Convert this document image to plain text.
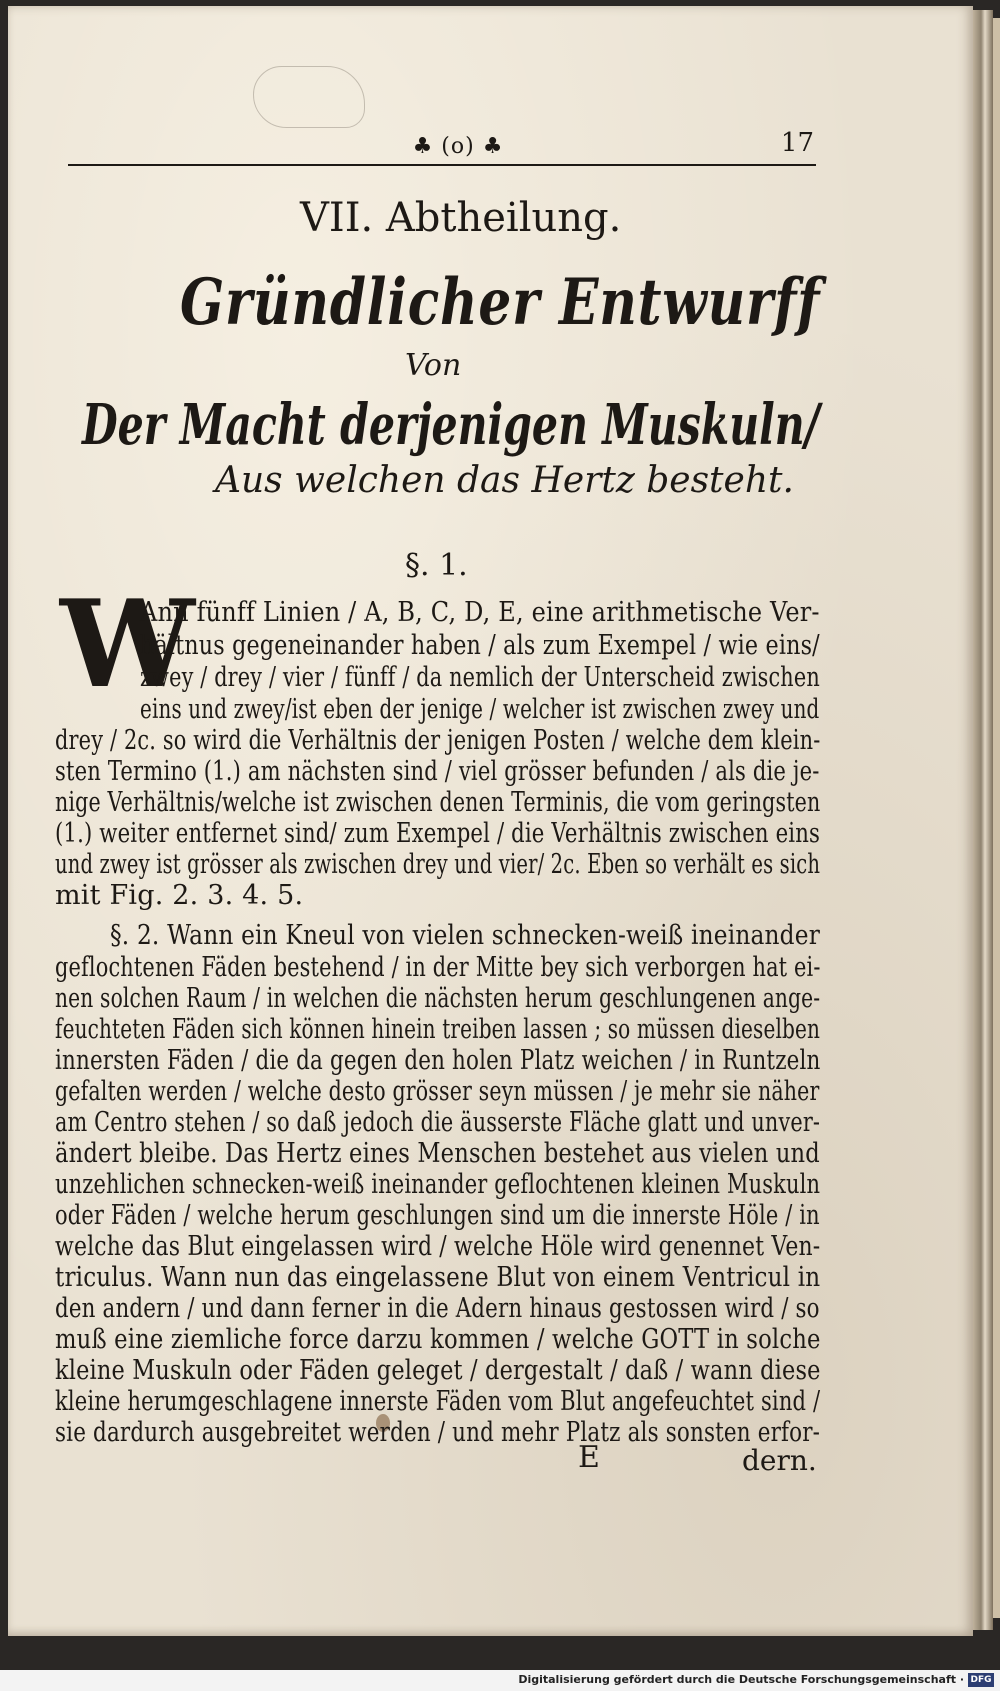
♣ (o) ♣	17
VII. Abtheilung.
Gründlicher Entwurff
Von
Der Macht derjenigen Muskuln/
Aus welchen das Hertz besteht.
§. 1.
W
Ann fünff Linien / A, B, C, D, E, eine arithmetische Ver-
hältnus gegeneinander haben / als zum Exempel / wie eins/
zwey / drey / vier / fünff / da nemlich der Unterscheid zwischen
eins und zwey/ist eben der jenige / welcher ist zwischen zwey und
drey / 2c. so wird die Verhältnis der jenigen Posten / welche dem klein-
sten Termino (1.) am nächsten sind / viel grösser befunden / als die je-
nige Verhältnis/welche ist zwischen denen Terminis, die vom geringsten
(1.) weiter entfernet sind/ zum Exempel / die Verhältnis zwischen eins
und zwey ist grösser als zwischen drey und vier/ 2c. Eben so verhält es sich
mit Fig. 2. 3. 4. 5.
§. 2. Wann ein Kneul von vielen schnecken-weiß ineinander
geflochtenen Fäden bestehend / in der Mitte bey sich verborgen hat ei-
nen solchen Raum / in welchen die nächsten herum geschlungenen ange-
feuchteten Fäden sich können hinein treiben lassen ; so müssen dieselben
innersten Fäden / die da gegen den holen Platz weichen / in Runtzeln
gefalten werden / welche desto grösser seyn müssen / je mehr sie näher
am Centro stehen / so daß jedoch die äusserste Fläche glatt und unver-
ändert bleibe. Das Hertz eines Menschen bestehet aus vielen und
unzehlichen schnecken-weiß ineinander geflochtenen kleinen Muskuln
oder Fäden / welche herum geschlungen sind um die innerste Höle / in
welche das Blut eingelassen wird / welche Höle wird genennet Ven-
triculus. Wann nun das eingelassene Blut von einem Ventricul in
den andern / und dann ferner in die Adern hinaus gestossen wird / so
muß eine ziemliche force darzu kommen / welche GOTT in solche
kleine Muskuln oder Fäden geleget / dergestalt / daß / wann diese
kleine herumgeschlagene innerste Fäden vom Blut angefeuchtet sind /
sie dardurch ausgebreitet werden / und mehr Platz als sonsten erfor-
E	dern.
Digitalisierung gefördert durch die Deutsche Forschungsgemeinschaft · DFG
